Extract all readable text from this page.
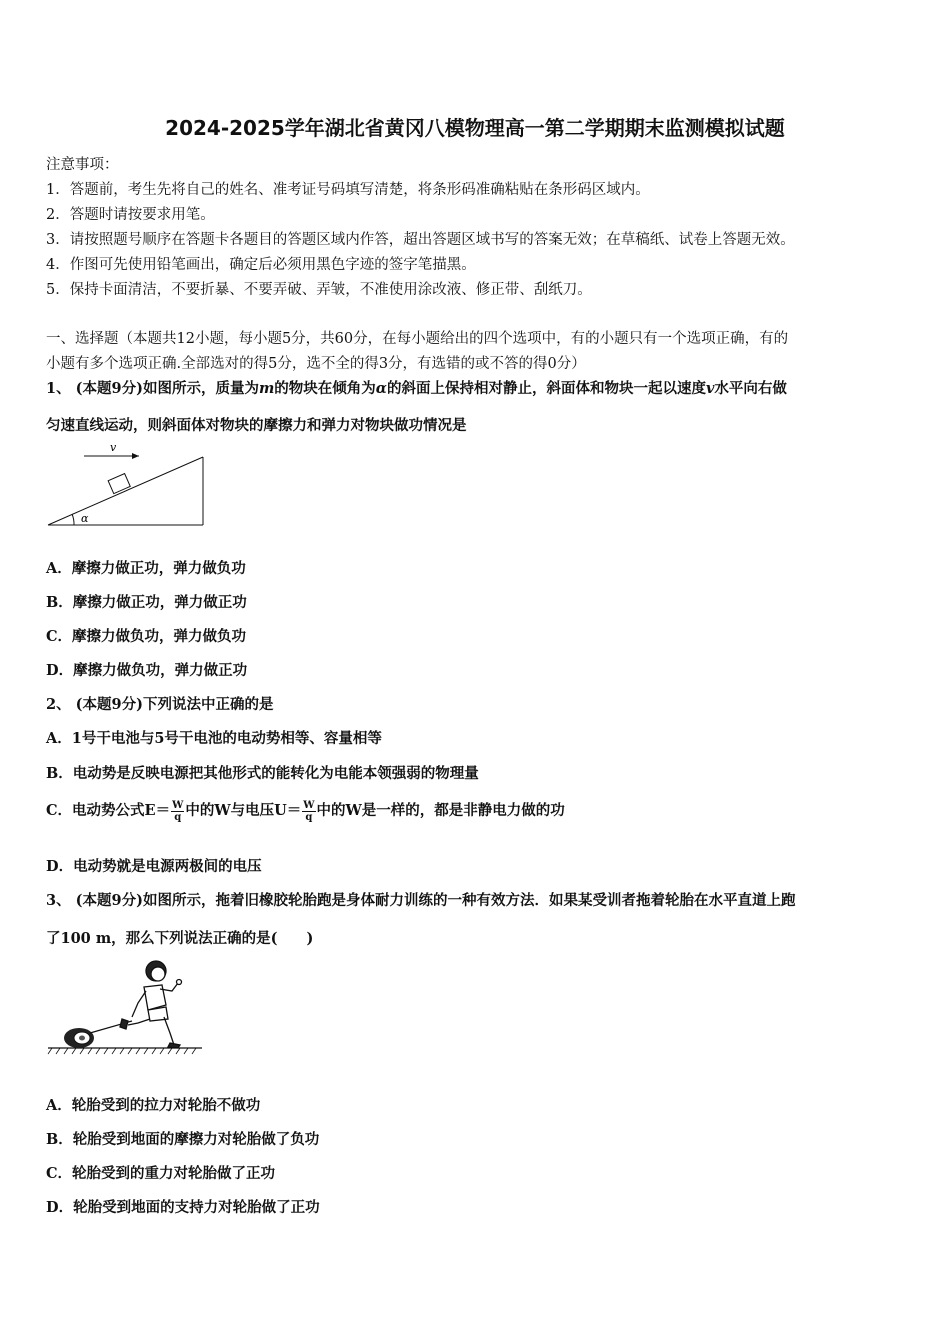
2024-2025学年湖北省黄冈八模物理高一第二学期期末监测模拟试题
注意事项：
1．答题前，考生先将自己的姓名、准考证号码填写清楚，将条形码准确粘贴在条形码区域内。
2．答题时请按要求用笔。
3．请按照题号顺序在答题卡各题目的答题区域内作答，超出答题区域书写的答案无效；在草稿纸、试卷上答题无效。
4．作图可先使用铅笔画出，确定后必须用黑色字迹的签字笔描黑。
5．保持卡面清洁，不要折暴、不要弄破、弄皱，不准使用涂改液、修正带、刮纸刀。
一、选择题（本题共12小题，每小题5分，共60分，在每小题给出的四个选项中，有的小题只有一个选项正确，有的
小题有多个选项正确.全部选对的得5分，选不全的得3分，有选错的或不答的得0分）
1、 (本题9分)如图所示，质量为m的物块在倾角为α的斜面上保持相对静止，斜面体和物块一起以速度v水平向右做
匀速直线运动，则斜面体对物块的摩擦力和弹力对物块做功情况是
v
α
A．摩擦力做正功，弹力做负功
B．摩擦力做正功，弹力做正功
C．摩擦力做负功，弹力做负功
D．摩擦力做负功，弹力做正功
2、 (本题9分)下列说法中正确的是
A．1号干电池与5号干电池的电动势相等、容量相等
B．电动势是反映电源把其他形式的能转化为电能本领强弱的物理量
C．电动势公式$E= \frac{W}{q}$ 中的W与电压$U= \frac{W}{q}$ 中的W是一样的，都是非静电力做的功
D．电动势就是电源两极间的电压
3、 (本题9分)如图所示，拖着旧橡胶轮胎跑是身体耐力训练的一种有效方法．如果某受训者拖着轮胎在水平直道上跑
了100 m，那么下列说法正确的是(　　)
A．轮胎受到的拉力对轮胎不做功
B．轮胎受到地面的摩擦力对轮胎做了负功
C．轮胎受到的重力对轮胎做了正功
D．轮胎受到地面的支持力对轮胎做了正功
